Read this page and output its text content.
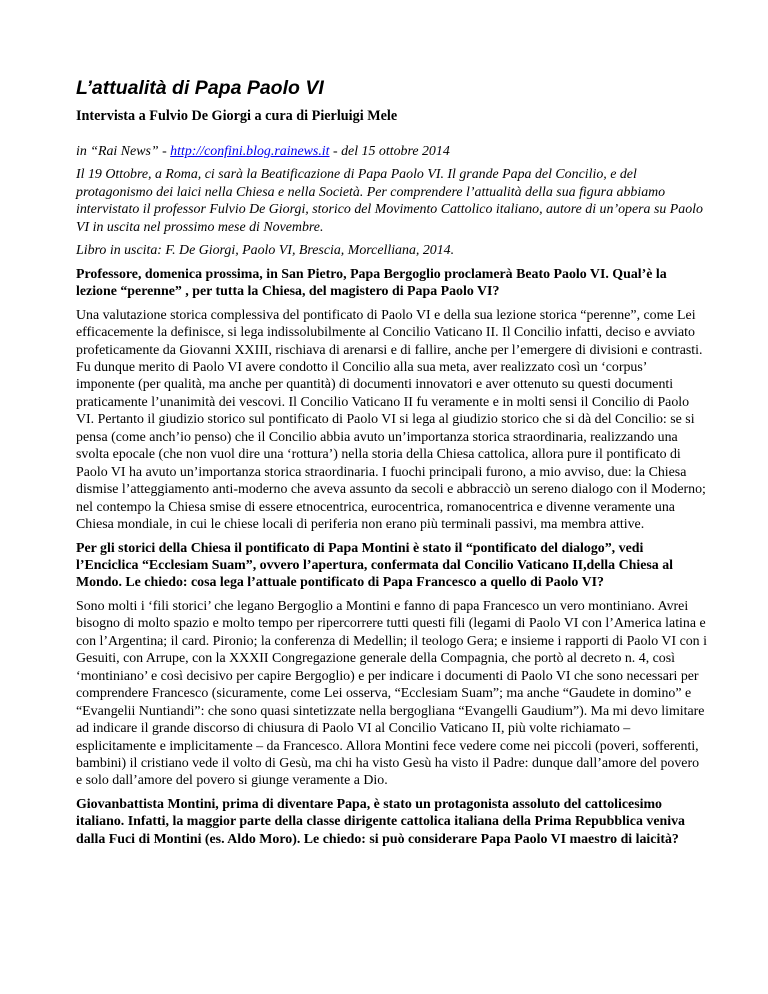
L’attualità di Papa Paolo VI
Intervista a Fulvio De Giorgi a cura di Pierluigi Mele

in “Rai News” - http://confini.blog.rainews.it - del 15 ottobre 2014

Il 19 Ottobre, a Roma, ci sarà la Beatificazione di Papa Paolo VI. Il grande Papa del Concilio, e del protagonismo dei laici nella Chiesa e nella Società. Per comprendere l’attualità della sua figura abbiamo intervistato il professor Fulvio De Giorgi, storico del Movimento Cattolico italiano, autore di un’opera su Paolo VI in uscita nel prossimo mese di Novembre.

Libro in uscita: F. De Giorgi, Paolo VI, Brescia, Morcelliana, 2014.

Professore, domenica prossima, in San Pietro, Papa Bergoglio proclamerà Beato Paolo VI. Qual’è la lezione “perenne” , per tutta la Chiesa, del magistero di Papa Paolo VI?

Una valutazione storica complessiva del pontificato di Paolo VI e della sua lezione storica “perenne”, come Lei efficacemente la definisce, si lega indissolubilmente al Concilio Vaticano II. Il Concilio infatti, deciso e avviato profeticamente da Giovanni XXIII, rischiava di arenarsi e di fallire, anche per l’emergere di divisioni e contrasti. Fu dunque merito di Paolo VI avere condotto il Concilio alla sua meta, aver realizzato così un ‘corpus’ imponente (per qualità, ma anche per quantità) di documenti innovatori e aver ottenuto su questi documenti praticamente l’unanimità dei vescovi. Il Concilio Vaticano II fu veramente e in molti sensi il Concilio di Paolo VI. Pertanto il giudizio storico sul pontificato di Paolo VI si lega al giudizio storico che si dà del Concilio: se si pensa (come anch’io penso) che il Concilio abbia avuto un’importanza storica straordinaria, realizzando una svolta epocale (che non vuol dire una ‘rottura’) nella storia della Chiesa cattolica, allora pure il pontificato di Paolo VI ha avuto un’importanza storica straordinaria. I fuochi principali furono, a mio avviso, due: la Chiesa dismise l’atteggiamento anti-moderno che aveva assunto da secoli e abbracciò un sereno dialogo con il Moderno; nel contempo la Chiesa smise di essere etnocentrica, eurocentrica, romanocentrica e divenne veramente una Chiesa mondiale, in cui le chiese locali di periferia non erano più terminali passivi, ma membra attive.

Per gli storici della Chiesa il pontificato di Papa Montini è stato il “pontificato del dialogo”, vedi l’Enciclica “Ecclesiam Suam”, ovvero l’apertura, confermata dal Concilio Vaticano II,della Chiesa al Mondo. Le chiedo: cosa lega l’attuale pontificato di Papa Francesco a quello di Paolo VI?

Sono molti i ‘fili storici’ che legano Bergoglio a Montini e fanno di papa Francesco un vero montiniano. Avrei bisogno di molto spazio e molto tempo per ripercorrere tutti questi fili (legami di Paolo VI con l’America latina e con l’Argentina; il card. Pironio; la conferenza di Medellin; il teologo Gera; e insieme i rapporti di Paolo VI con i Gesuiti, con Arrupe, con la XXXII Congregazione generale della Compagnia, che portò al decreto n. 4, così ‘montiniano’ e così decisivo per capire Bergoglio) e per indicare i documenti di Paolo VI che sono necessari per comprendere Francesco (sicuramente, come Lei osserva, “Ecclesiam Suam”; ma anche “Gaudete in domino” e “Evangelii Nuntiandi”: che sono quasi sintetizzate nella bergogliana “Evangelli Gaudium”). Ma mi devo limitare ad indicare il grande discorso di chiusura di Paolo VI al Concilio Vaticano II, più volte richiamato – esplicitamente e implicitamente – da Francesco. Allora Montini fece vedere come nei piccoli (poveri, sofferenti, bambini) il cristiano vede il volto di Gesù, ma chi ha visto Gesù ha visto il Padre: dunque dall’amore del povero e solo dall’amore del povero si giunge veramente a Dio.

Giovanbattista Montini, prima di diventare Papa, è stato un protagonista assoluto del cattolicesimo italiano. Infatti, la maggior parte della classe dirigente cattolica italiana della Prima Repubblica veniva dalla Fuci di Montini (es. Aldo Moro). Le chiedo: si può considerare Papa Paolo VI maestro di laicità?
